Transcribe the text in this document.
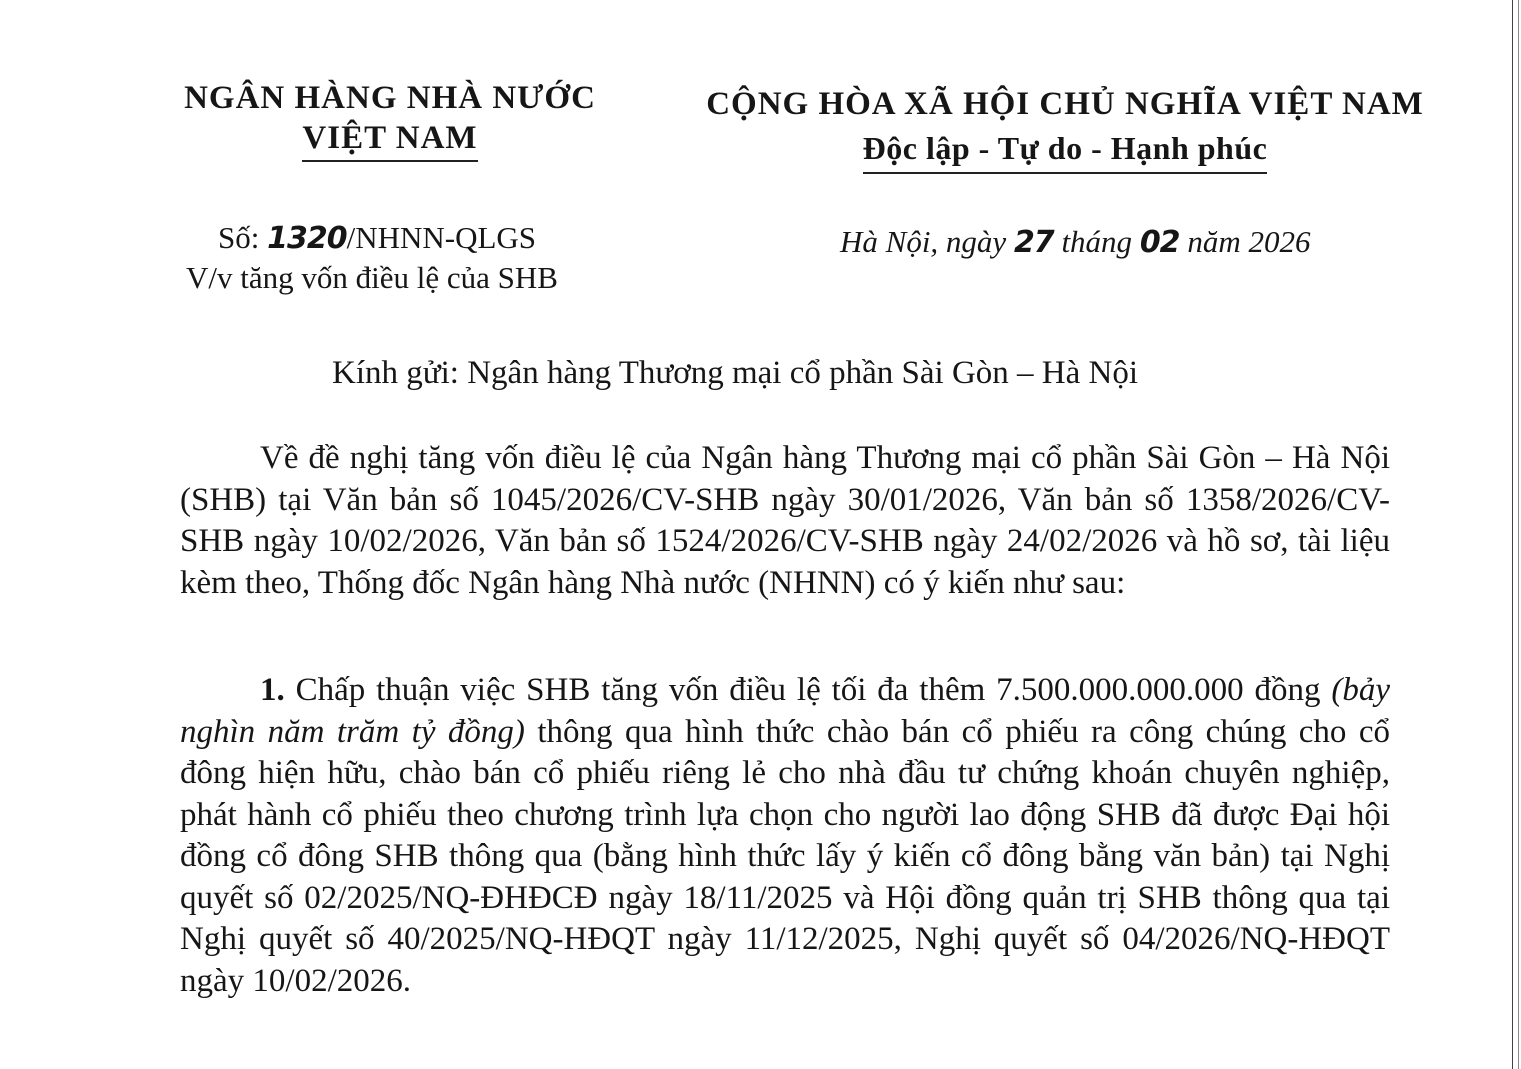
NGÂN HÀNG NHÀ NƯỚC
VIỆT NAM
CỘNG HÒA XÃ HỘI CHỦ NGHĨA VIỆT NAM
Độc lập - Tự do - Hạnh phúc
Số: 1320/NHNN-QLGS
V/v tăng vốn điều lệ của SHB
Hà Nội, ngày 27 tháng 02 năm 2026
Kính gửi: Ngân hàng Thương mại cổ phần Sài Gòn – Hà Nội
Về đề nghị tăng vốn điều lệ của Ngân hàng Thương mại cổ phần Sài Gòn – Hà Nội (SHB) tại Văn bản số 1045/2026/CV-SHB ngày 30/01/2026, Văn bản số 1358/2026/CV-SHB ngày 10/02/2026, Văn bản số 1524/2026/CV-SHB ngày 24/02/2026 và hồ sơ, tài liệu kèm theo, Thống đốc Ngân hàng Nhà nước (NHNN) có ý kiến như sau:
1. Chấp thuận việc SHB tăng vốn điều lệ tối đa thêm 7.500.000.000.000 đồng (bảy nghìn năm trăm tỷ đồng) thông qua hình thức chào bán cổ phiếu ra công chúng cho cổ đông hiện hữu, chào bán cổ phiếu riêng lẻ cho nhà đầu tư chứng khoán chuyên nghiệp, phát hành cổ phiếu theo chương trình lựa chọn cho người lao động SHB đã được Đại hội đồng cổ đông SHB thông qua (bằng hình thức lấy ý kiến cổ đông bằng văn bản) tại Nghị quyết số 02/2025/NQ-ĐHĐCĐ ngày 18/11/2025 và Hội đồng quản trị SHB thông qua tại Nghị quyết số 40/2025/NQ-HĐQT ngày 11/12/2025, Nghị quyết số 04/2026/NQ-HĐQT ngày 10/02/2026.
